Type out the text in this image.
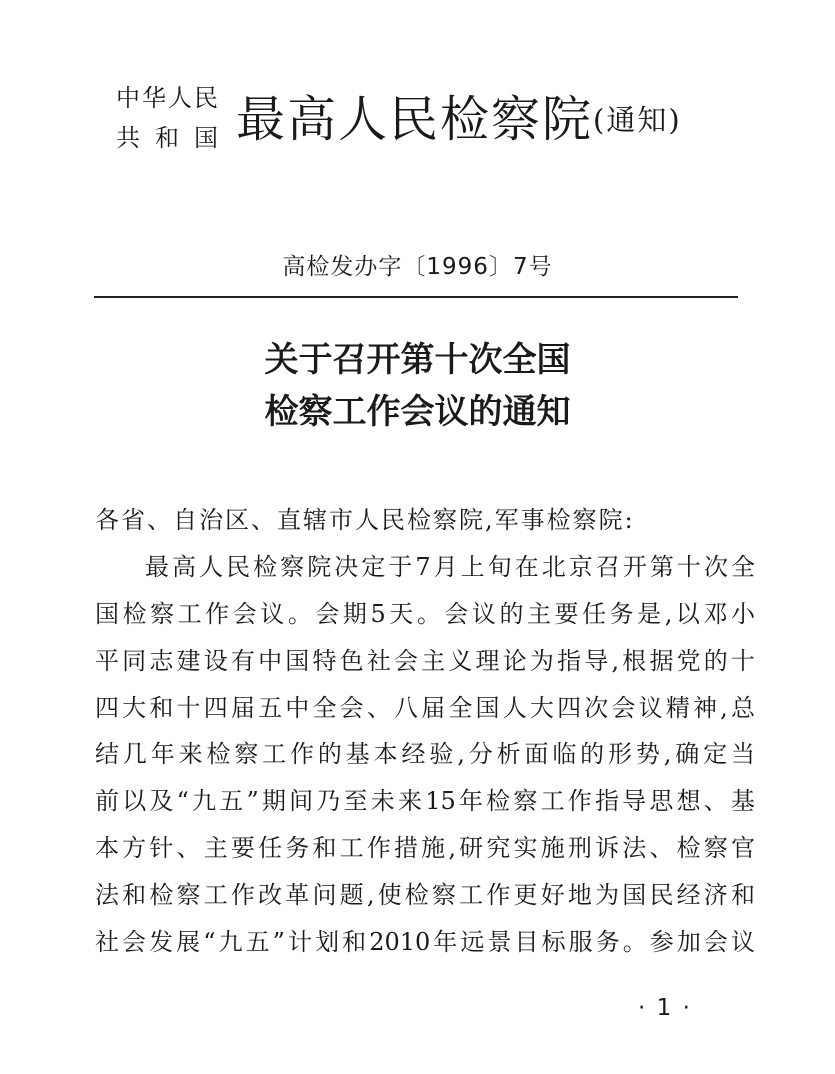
中华人民
共和国 最高人民检察院(通知)
高检发办字〔1996〕7号
关于召开第十次全国
检察工作会议的通知
各省、自治区、直辖市人民检察院,军事检察院:
最高人民检察院决定于7月上旬在北京召开第十次全
国检察工作会议。会期5天。会议的主要任务是,以邓小
平同志建设有中国特色社会主义理论为指导,根据党的十
四大和十四届五中全会、八届全国人大四次会议精神,总
结几年来检察工作的基本经验,分析面临的形势,确定当
前以及“九五”期间乃至未来15年检察工作指导思想、基
本方针、主要任务和工作措施,研究实施刑诉法、检察官
法和检察工作改革问题,使检察工作更好地为国民经济和
社会发展“九五”计划和2010年远景目标服务。参加会议
· 1 ·
